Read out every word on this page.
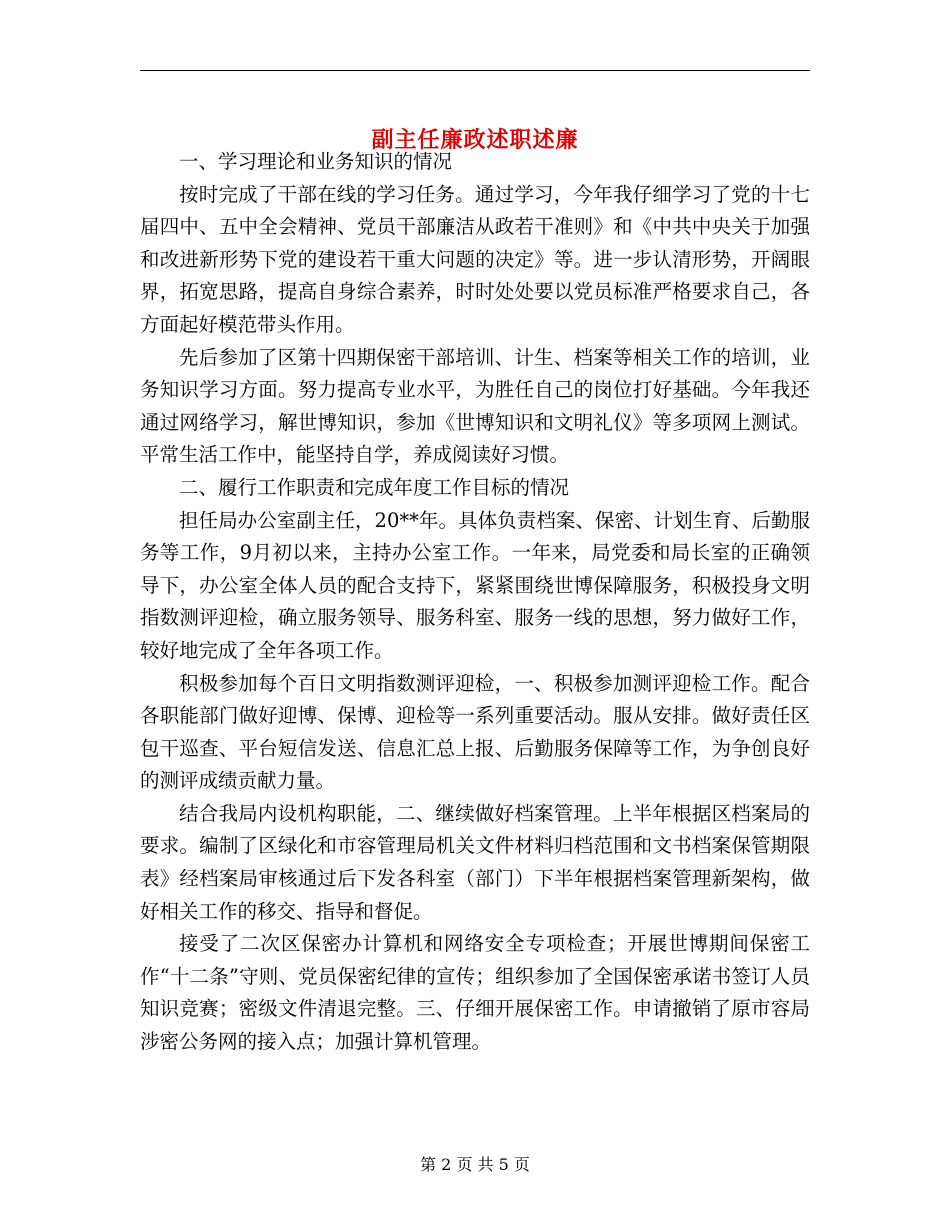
副主任廉政述职述廉

一、学习理论和业务知识的情况

按时完成了干部在线的学习任务。通过学习，今年我仔细学习了党的十七届四中、五中全会精神、党员干部廉洁从政若干准则》和《中共中央关于加强和改进新形势下党的建设若干重大问题的决定》等。进一步认清形势，开阔眼界，拓宽思路，提高自身综合素养，时时处处要以党员标准严格要求自己，各方面起好模范带头作用。

先后参加了区第十四期保密干部培训、计生、档案等相关工作的培训，业务知识学习方面。努力提高专业水平，为胜任自己的岗位打好基础。今年我还通过网络学习，解世博知识，参加《世博知识和文明礼仪》等多项网上测试。平常生活工作中，能坚持自学，养成阅读好习惯。

二、履行工作职责和完成年度工作目标的情况

担任局办公室副主任，20**年。具体负责档案、保密、计划生育、后勤服务等工作，9月初以来，主持办公室工作。一年来，局党委和局长室的正确领导下，办公室全体人员的配合支持下，紧紧围绕世博保障服务，积极投身文明指数测评迎检，确立服务领导、服务科室、服务一线的思想，努力做好工作，较好地完成了全年各项工作。

积极参加每个百日文明指数测评迎检，一、积极参加测评迎检工作。配合各职能部门做好迎博、保博、迎检等一系列重要活动。服从安排。做好责任区包干巡查、平台短信发送、信息汇总上报、后勤服务保障等工作，为争创良好的测评成绩贡献力量。

结合我局内设机构职能，二、继续做好档案管理。上半年根据区档案局的要求。编制了区绿化和市容管理局机关文件材料归档范围和文书档案保管期限表》经档案局审核通过后下发各科室（部门）下半年根据档案管理新架构，做好相关工作的移交、指导和督促。

接受了二次区保密办计算机和网络安全专项检查；开展世博期间保密工作“十二条”守则、党员保密纪律的宣传；组织参加了全国保密承诺书签订人员知识竞赛；密级文件清退完整。三、仔细开展保密工作。申请撤销了原市容局涉密公务网的接入点；加强计算机管理。

第 2 页 共 5 页
